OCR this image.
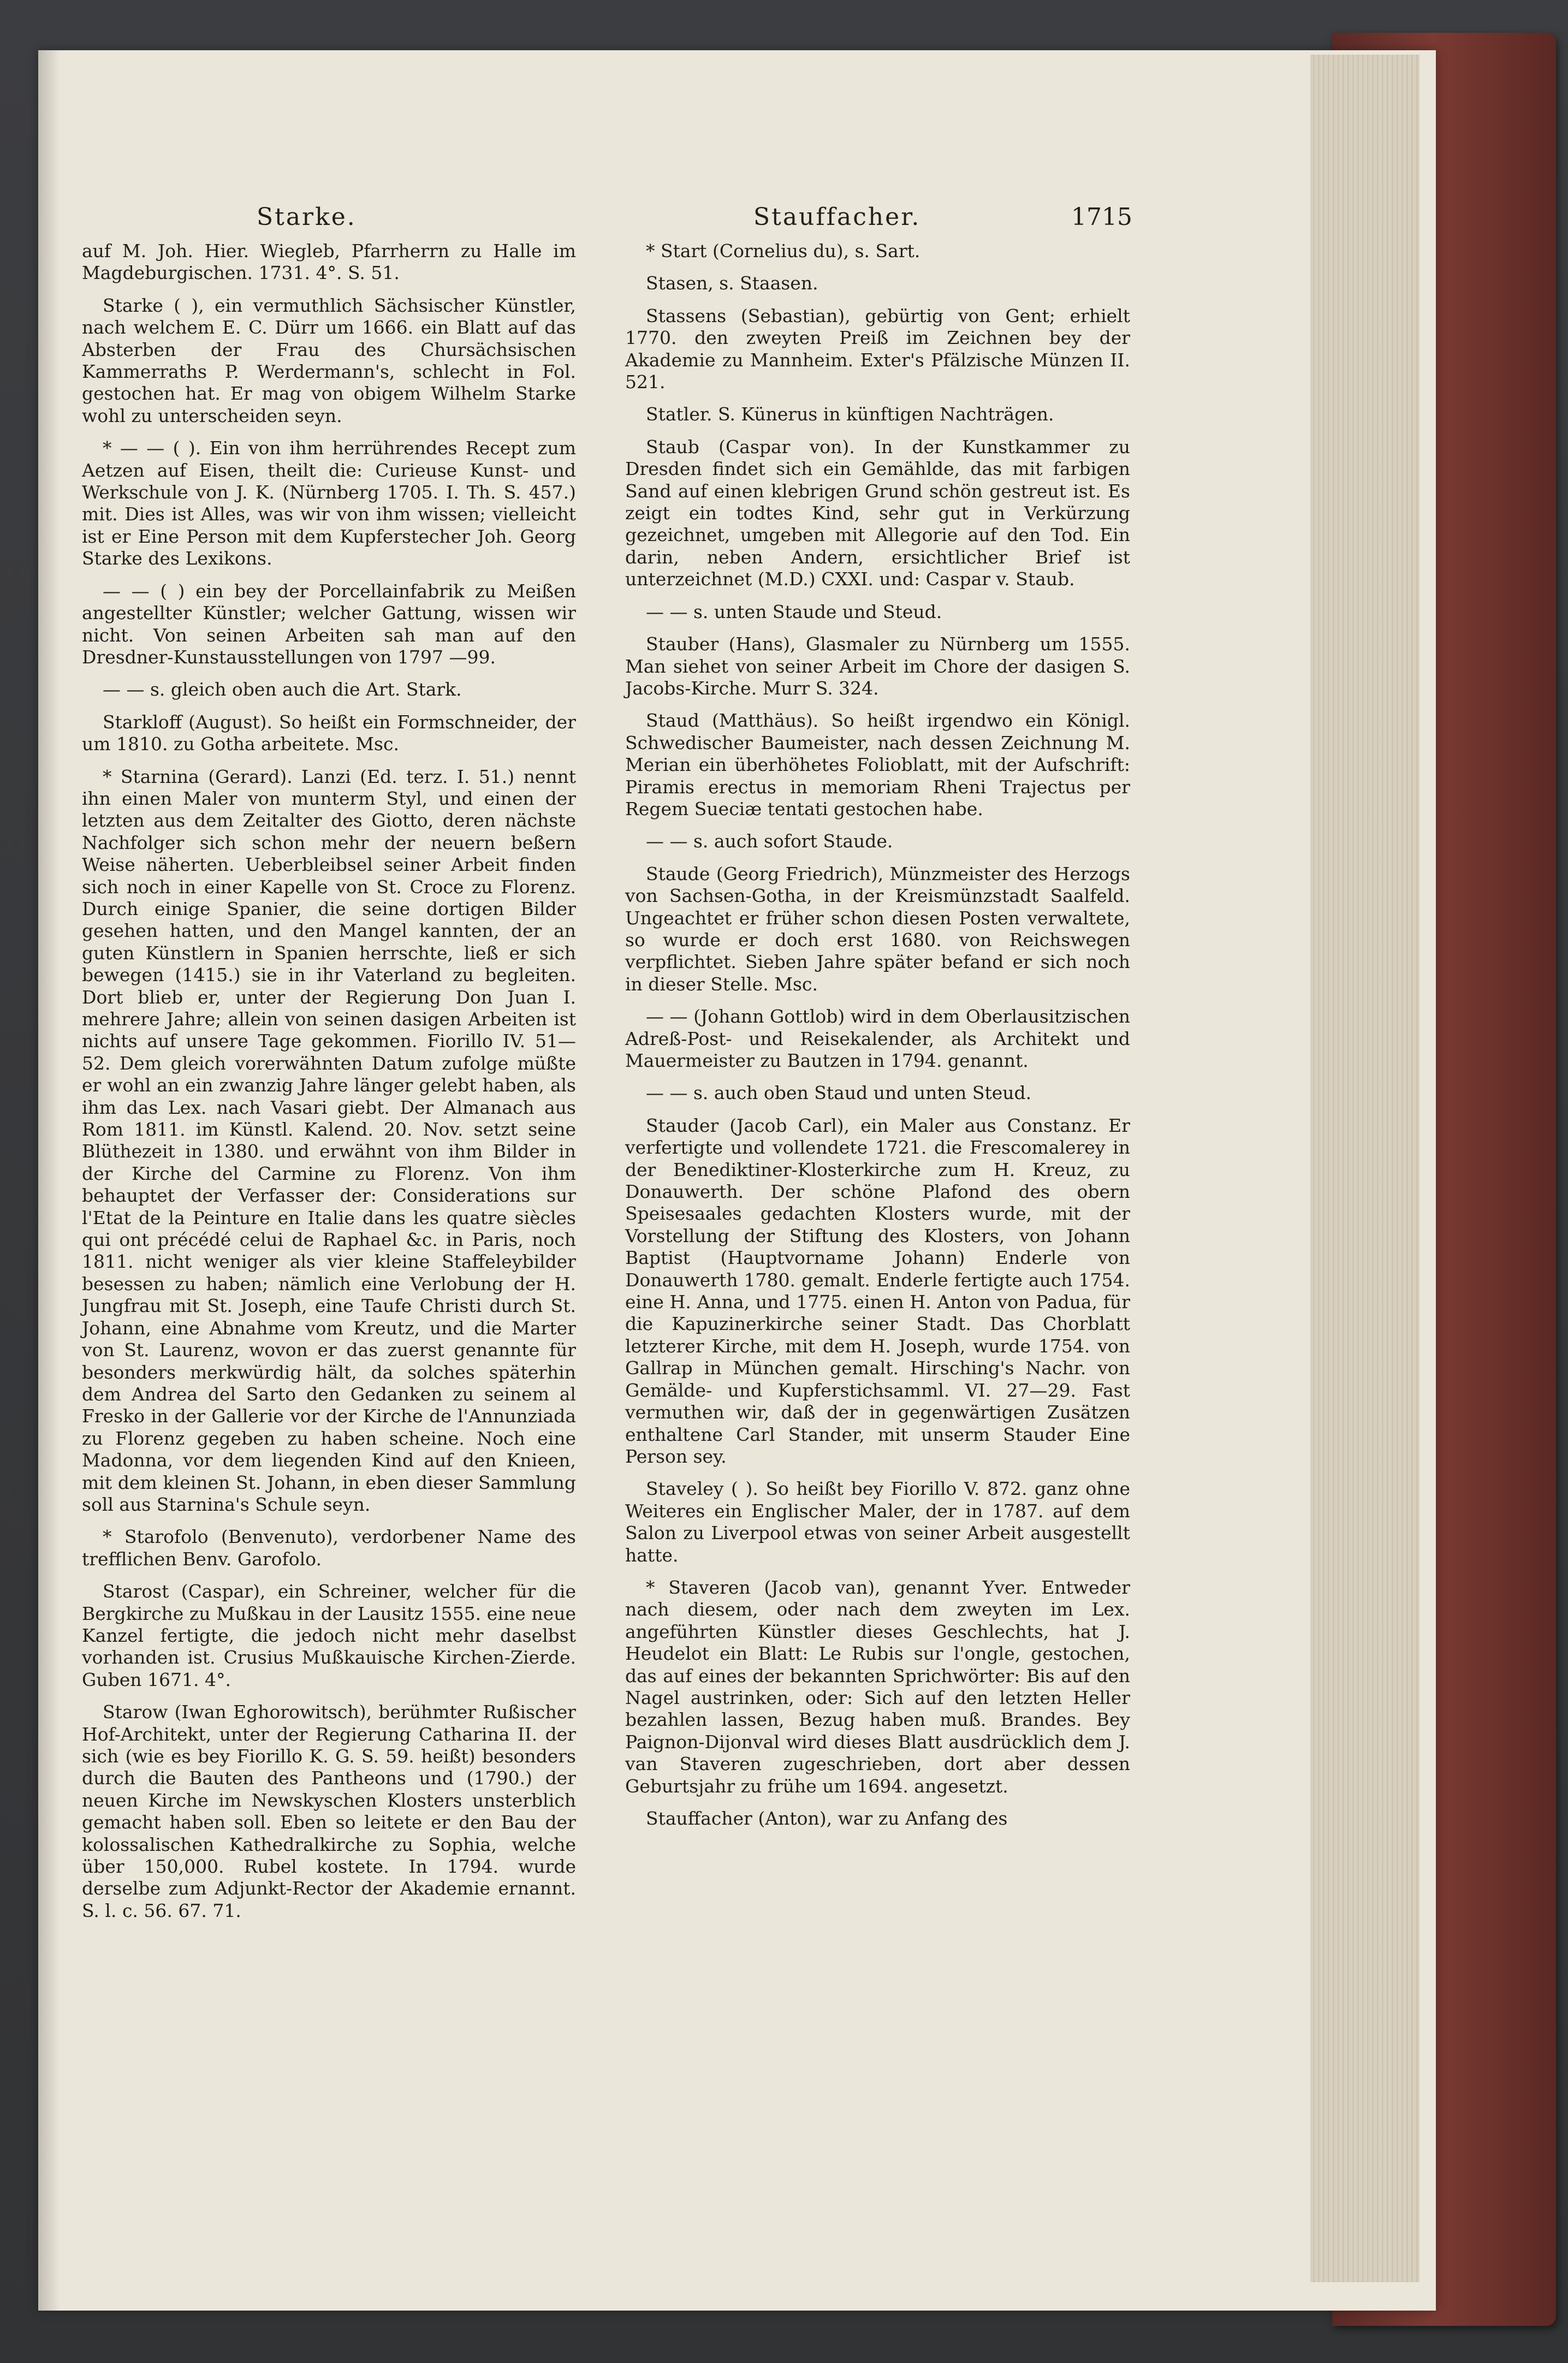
Starke.	Stauffacher.	1715

auf M. Joh. Hier. Wiegleb, Pfarrherrn zu Halle im Magdeburgischen. 1731. 4°. S. 51.

Starke ( ), ein vermuthlich Sächsischer Künstler, nach welchem E. C. Dürr um 1666. ein Blatt auf das Absterben der Frau des Chursächsischen Kammerraths P. Werdermann's, schlecht in Fol. gestochen hat. Er mag von obigem Wilhelm Starke wohl zu unterscheiden seyn.

* — — ( ). Ein von ihm herrührendes Recept zum Aetzen auf Eisen, theilt die: Curieuse Kunst- und Werkschule von J. K. (Nürnberg 1705. I. Th. S. 457.) mit. Dies ist Alles, was wir von ihm wissen; vielleicht ist er Eine Person mit dem Kupferstecher Joh. Georg Starke des Lexikons.

— — ( ) ein bey der Porcellainfabrik zu Meißen angestellter Künstler; welcher Gattung, wissen wir nicht. Von seinen Arbeiten sah man auf den Dresdner-Kunstausstellungen von 1797 —99.

— — s. gleich oben auch die Art. Stark.

Starkloff (August). So heißt ein Formschneider, der um 1810. zu Gotha arbeitete. Msc.

* Starnina (Gerard). Lanzi (Ed. terz. I. 51.) nennt ihn einen Maler von munterm Styl, und einen der letzten aus dem Zeitalter des Giotto, deren nächste Nachfolger sich schon mehr der neuern beßern Weise näherten. Ueberbleibsel seiner Arbeit finden sich noch in einer Kapelle von St. Croce zu Florenz. Durch einige Spanier, die seine dortigen Bilder gesehen hatten, und den Mangel kannten, der an guten Künstlern in Spanien herrschte, ließ er sich bewegen (1415.) sie in ihr Vaterland zu begleiten. Dort blieb er, unter der Regierung Don Juan I. mehrere Jahre; allein von seinen dasigen Arbeiten ist nichts auf unsere Tage gekommen. Fiorillo IV. 51—52. Dem gleich vorerwähnten Datum zufolge müßte er wohl an ein zwanzig Jahre länger gelebt haben, als ihm das Lex. nach Vasari giebt. Der Almanach aus Rom 1811. im Künstl. Kalend. 20. Nov. setzt seine Blüthezeit in 1380. und erwähnt von ihm Bilder in der Kirche del Carmine zu Florenz. Von ihm behauptet der Verfasser der: Considerations sur l'Etat de la Peinture en Italie dans les quatre siècles qui ont précédé celui de Raphael &c. in Paris, noch 1811. nicht weniger als vier kleine Staffeleybilder besessen zu haben; nämlich eine Verlobung der H. Jungfrau mit St. Joseph, eine Taufe Christi durch St. Johann, eine Abnahme vom Kreutz, und die Marter von St. Laurenz, wovon er das zuerst genannte für besonders merkwürdig hält, da solches späterhin dem Andrea del Sarto den Gedanken zu seinem al Fresko in der Gallerie vor der Kirche de l'Annunziada zu Florenz gegeben zu haben scheine. Noch eine Madonna, vor dem liegenden Kind auf den Knieen, mit dem kleinen St. Johann, in eben dieser Sammlung soll aus Starnina's Schule seyn.

* Starofolo (Benvenuto), verdorbener Name des trefflichen Benv. Garofolo.

Starost (Caspar), ein Schreiner, welcher für die Bergkirche zu Mußkau in der Lausitz 1555. eine neue Kanzel fertigte, die jedoch nicht mehr daselbst vorhanden ist. Crusius Mußkauische Kirchen-Zierde. Guben 1671. 4°.

Starow (Iwan Eghorowitsch), berühmter Rußischer Hof-Architekt, unter der Regierung Catharina II. der sich (wie es bey Fiorillo K. G. S. 59. heißt) besonders durch die Bauten des Pantheons und (1790.) der neuen Kirche im Newskyschen Klosters unsterblich gemacht haben soll. Eben so leitete er den Bau der kolossalischen Kathedralkirche zu Sophia, welche über 150,000. Rubel kostete. In 1794. wurde derselbe zum Adjunkt-Rector der Akademie ernannt. S. l. c. 56. 67. 71.

* Start (Cornelius du), s. Sart.

Stasen, s. Staasen.

Stassens (Sebastian), gebürtig von Gent; erhielt 1770. den zweyten Preiß im Zeichnen bey der Akademie zu Mannheim. Exter's Pfälzische Münzen II. 521.

Statler. S. Künerus in künftigen Nachträgen.

Staub (Caspar von). In der Kunstkammer zu Dresden findet sich ein Gemählde, das mit farbigen Sand auf einen klebrigen Grund schön gestreut ist. Es zeigt ein todtes Kind, sehr gut in Verkürzung gezeichnet, umgeben mit Allegorie auf den Tod. Ein darin, neben Andern, ersichtlicher Brief ist unterzeichnet (M.D.) CXXI. und: Caspar v. Staub.

— — s. unten Staude und Steud.

Stauber (Hans), Glasmaler zu Nürnberg um 1555. Man siehet von seiner Arbeit im Chore der dasigen S. Jacobs-Kirche. Murr S. 324.

Staud (Matthäus). So heißt irgendwo ein Königl. Schwedischer Baumeister, nach dessen Zeichnung M. Merian ein überhöhetes Folioblatt, mit der Aufschrift: Piramis erectus in memoriam Rheni Trajectus per Regem Sueciæ tentati gestochen habe.

— — s. auch sofort Staude.

Staude (Georg Friedrich), Münzmeister des Herzogs von Sachsen-Gotha, in der Kreismünzstadt Saalfeld. Ungeachtet er früher schon diesen Posten verwaltete, so wurde er doch erst 1680. von Reichswegen verpflichtet. Sieben Jahre später befand er sich noch in dieser Stelle. Msc.

— — (Johann Gottlob) wird in dem Oberlausitzischen Adreß-Post- und Reisekalender, als Architekt und Mauermeister zu Bautzen in 1794. genannt.

— — s. auch oben Staud und unten Steud.

Stauder (Jacob Carl), ein Maler aus Constanz. Er verfertigte und vollendete 1721. die Frescomalerey in der Benediktiner-Klosterkirche zum H. Kreuz, zu Donauwerth. Der schöne Plafond des obern Speisesaales gedachten Klosters wurde, mit der Vorstellung der Stiftung des Klosters, von Johann Baptist (Hauptvorname Johann) Enderle von Donauwerth 1780. gemalt. Enderle fertigte auch 1754. eine H. Anna, und 1775. einen H. Anton von Padua, für die Kapuzinerkirche seiner Stadt. Das Chorblatt letzterer Kirche, mit dem H. Joseph, wurde 1754. von Gallrap in München gemalt. Hirsching's Nachr. von Gemälde- und Kupferstichsamml. VI. 27—29. Fast vermuthen wir, daß der in gegenwärtigen Zusätzen enthaltene Carl Stander, mit unserm Stauder Eine Person sey.

Staveley ( ). So heißt bey Fiorillo V. 872. ganz ohne Weiteres ein Englischer Maler, der in 1787. auf dem Salon zu Liverpool etwas von seiner Arbeit ausgestellt hatte.

* Staveren (Jacob van), genannt Yver. Entweder nach diesem, oder nach dem zweyten im Lex. angeführten Künstler dieses Geschlechts, hat J. Heudelot ein Blatt: Le Rubis sur l'ongle, gestochen, das auf eines der bekannten Sprichwörter: Bis auf den Nagel austrinken, oder: Sich auf den letzten Heller bezahlen lassen, Bezug haben muß. Brandes. Bey Paignon-Dijonval wird dieses Blatt ausdrücklich dem J. van Staveren zugeschrieben, dort aber dessen Geburtsjahr zu frühe um 1694. angesetzt.

Stauffacher (Anton), war zu Anfang des
